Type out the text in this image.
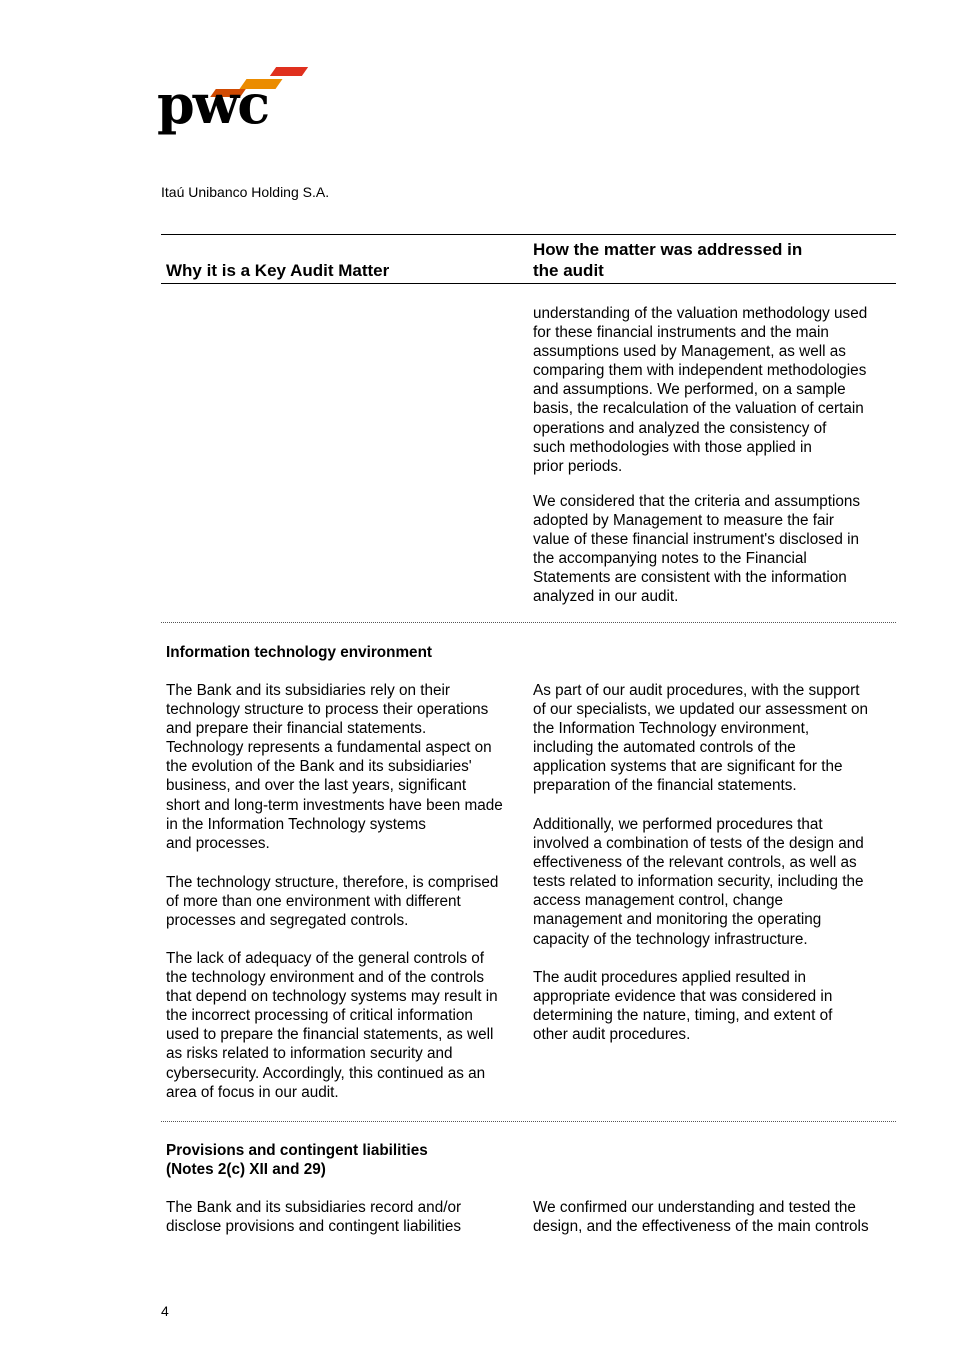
pwc
Itaú Unibanco Holding S.A.
Why it is a Key Audit Matter
How the matter was addressed in
the audit
understanding of the valuation methodology used
for these financial instruments and the main
assumptions used by Management, as well as
comparing them with independent methodologies
and assumptions. We performed, on a sample
basis, the recalculation of the valuation of certain
operations and analyzed the consistency of
such methodologies with those applied in
prior periods.
We considered that the criteria and assumptions
adopted by Management to measure the fair
value of these financial instrument's disclosed in
the accompanying notes to the Financial
Statements are consistent with the information
analyzed in our audit.
Information technology environment
The Bank and its subsidiaries rely on their
technology structure to process their operations
and prepare their financial statements.
Technology represents a fundamental aspect on
the evolution of the Bank and its subsidiaries'
business, and over the last years, significant
short and long-term investments have been made
in the Information Technology systems
and processes.
The technology structure, therefore, is comprised
of more than one environment with different
processes and segregated controls.
The lack of adequacy of the general controls of
the technology environment and of the controls
that depend on technology systems may result in
the incorrect processing of critical information
used to prepare the financial statements, as well
as risks related to information security and
cybersecurity. Accordingly, this continued as an
area of focus in our audit.
As part of our audit procedures, with the support
of our specialists, we updated our assessment on
the Information Technology environment,
including the automated controls of the
application systems that are significant for the
preparation of the financial statements.
Additionally, we performed procedures that
involved a combination of tests of the design and
effectiveness of the relevant controls, as well as
tests related to information security, including the
access management control, change
management and monitoring the operating
capacity of the technology infrastructure.
The audit procedures applied resulted in
appropriate evidence that was considered in
determining the nature, timing, and extent of
other audit procedures.
Provisions and contingent liabilities
(Notes 2(c) XII and 29)
The Bank and its subsidiaries record and/or
disclose provisions and contingent liabilities
We confirmed our understanding and tested the
design, and the effectiveness of the main controls
4
